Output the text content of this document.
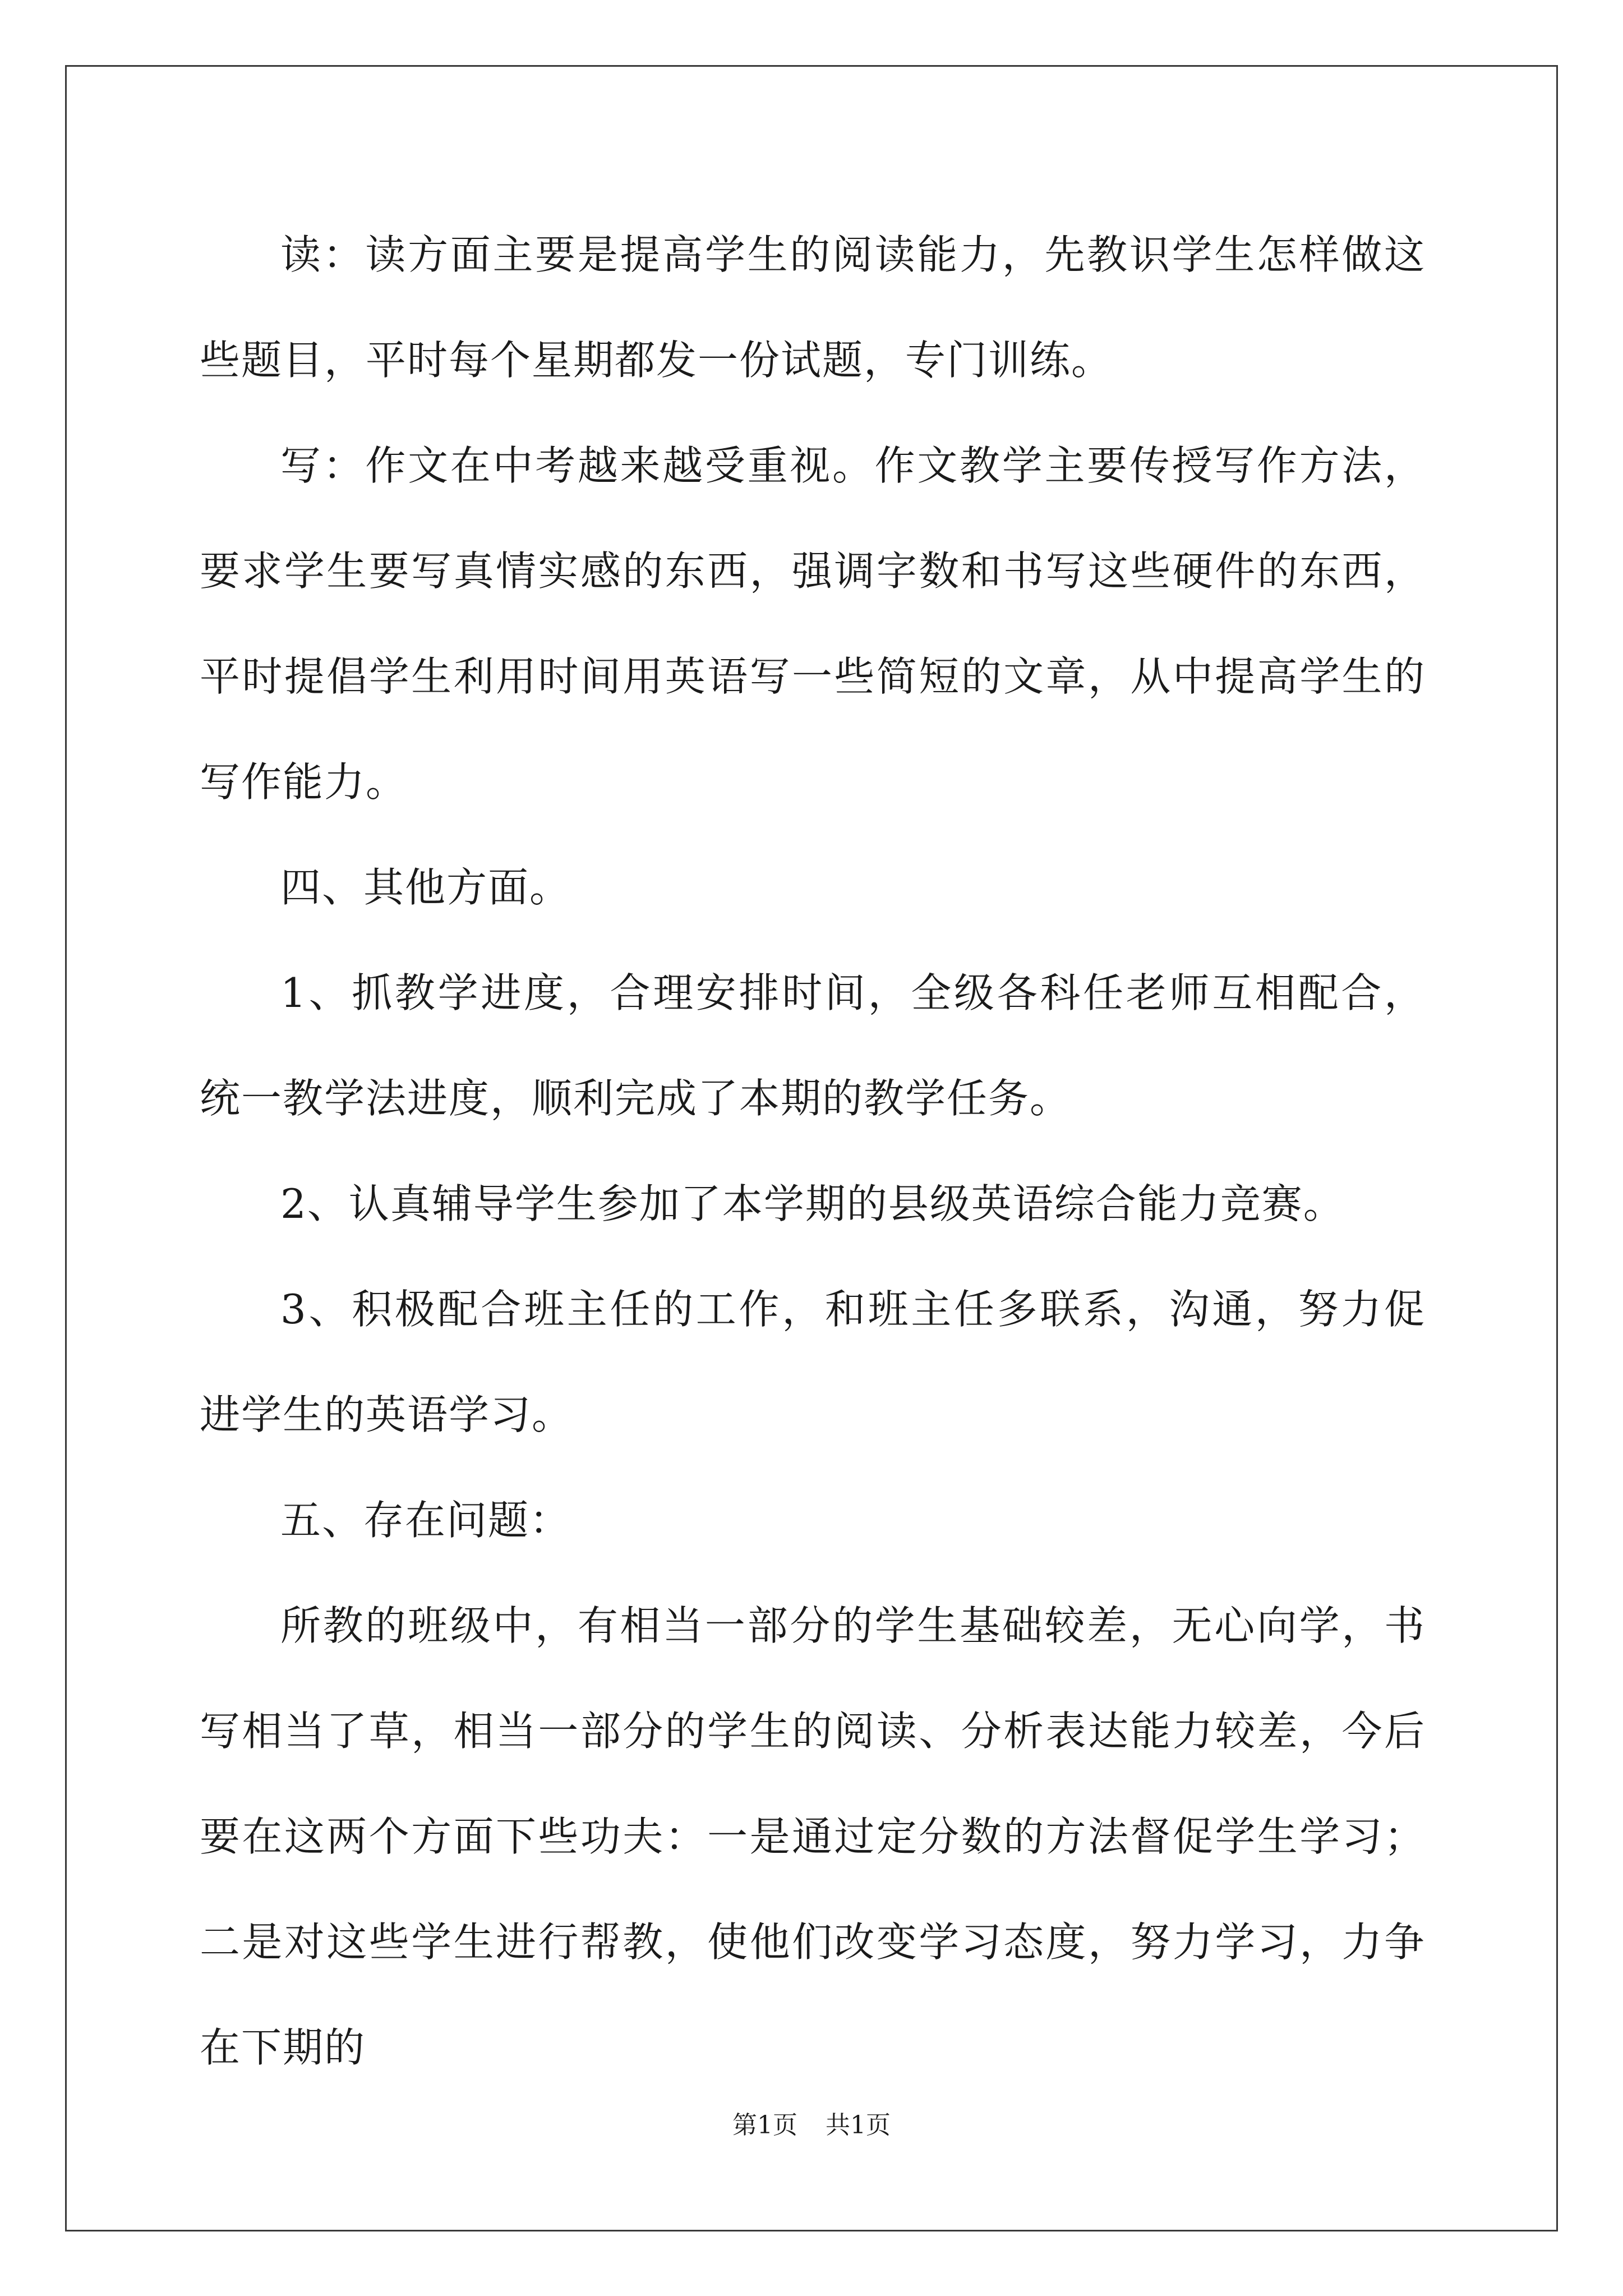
读：读方面主要是提高学生的阅读能力，先教识学生怎样做这些题目，平时每个星期都发一份试题，专门训练。

写：作文在中考越来越受重视。作文教学主要传授写作方法，要求学生要写真情实感的东西，强调字数和书写这些硬件的东西，平时提倡学生利用时间用英语写一些简短的文章，从中提高学生的写作能力。

四、其他方面。

1、抓教学进度，合理安排时间，全级各科任老师互相配合，统一教学法进度，顺利完成了本期的教学任务。

2、认真辅导学生参加了本学期的县级英语综合能力竞赛。

3、积极配合班主任的工作，和班主任多联系，沟通，努力促进学生的英语学习。

五、存在问题：

所教的班级中，有相当一部分的学生基础较差，无心向学，书写相当了草，相当一部分的学生的阅读、分析表达能力较差，今后要在这两个方面下些功夫：一是通过定分数的方法督促学生学习；二是对这些学生进行帮教，使他们改变学习态度，努力学习，力争在下期的

第1页 共1页
